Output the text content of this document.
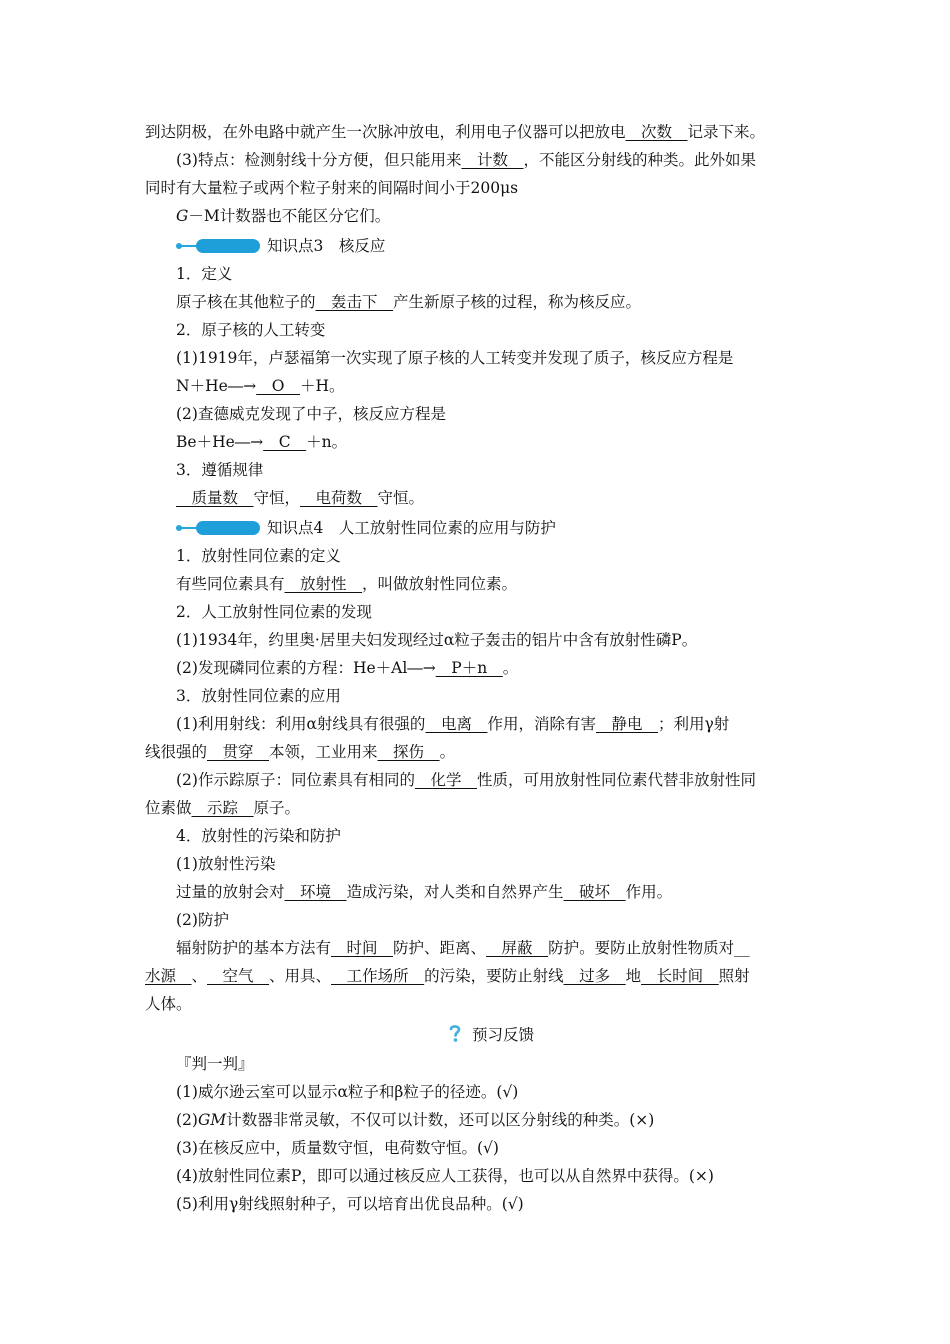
到达阴极，在外电路中就产生一次脉冲放电，利用电子仪器可以把放电__次数__记录下来。
(3)特点：检测射线十分方便，但只能用来__计数__，不能区分射线的种类。此外如果
同时有大量粒子或两个粒子射来的间隔时间小于200μs
G－M计数器也不能区分它们。
1．定义
原子核在其他粒子的__轰击下__产生新原子核的过程，称为核反应。
2．原子核的人工转变
(1)1919年，卢瑟福第一次实现了原子核的人工转变并发现了质子，核反应方程是
N＋He―→__O__＋H。
(2)查德威克发现了中子，核反应方程是
Be＋He―→__C__＋n。
3．遵循规律
__质量数__守恒，__电荷数__守恒。
1．放射性同位素的定义
有些同位素具有__放射性__，叫做放射性同位素。
2．人工放射性同位素的发现
(1)1934年，约里奥·居里夫妇发现经过α粒子轰击的铝片中含有放射性磷P。
(2)发现磷同位素的方程：He＋Al―→__P＋n__。
3．放射性同位素的应用
(1)利用射线：利用α射线具有很强的__电离__作用，消除有害__静电__；利用γ射
线很强的__贯穿__本领，工业用来__探伤__。
(2)作示踪原子：同位素具有相同的__化学__性质，可用放射性同位素代替非放射性同
位素做__示踪__原子。
4．放射性的污染和防护
(1)放射性污染
过量的放射会对__环境__造成污染，对人类和自然界产生__破坏__作用。
(2)防护
辐射防护的基本方法有__时间__防护、距离、__屏蔽__防护。要防止放射性物质对__
水源__、__空气__、用具、__工作场所__的污染，要防止射线__过多__地__长时间__照射
人体。
『判一判』
(1)威尔逊云室可以显示α粒子和β粒子的径迹。(√)
(2)GM计数器非常灵敏，不仅可以计数，还可以区分射线的种类。(×)
(3)在核反应中，质量数守恒，电荷数守恒。(√)
(4)放射性同位素P，即可以通过核反应人工获得，也可以从自然界中获得。(×)
(5)利用γ射线照射种子，可以培育出优良品种。(√)
知识点3　核反应
知识点4　人工放射性同位素的应用与防护
预习反馈
